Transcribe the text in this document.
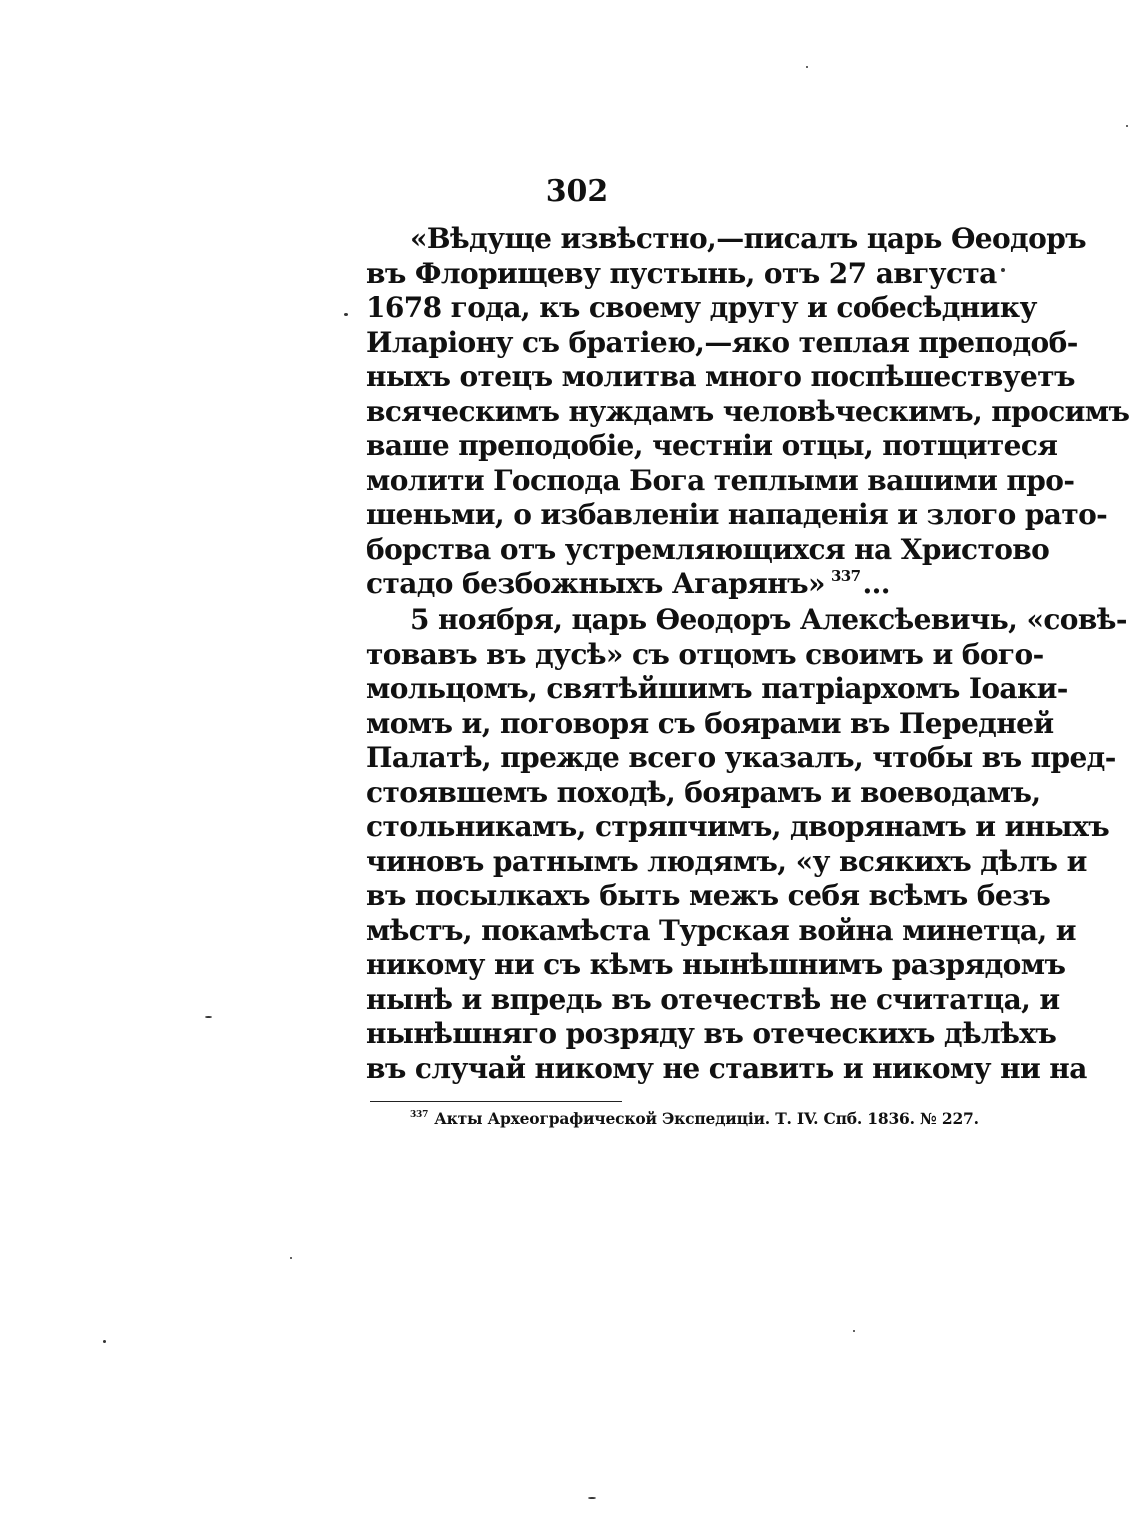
302
«Вѣдуще извѣстно,—писалъ царь Ѳеодоръ
въ Флорищеву пустынь, отъ 27 августа
1678 года, къ своему другу и собесѣднику
Иларіону съ братіею,—яко теплая преподоб-
ныхъ отецъ молитва много поспѣшествуетъ
всяческимъ нуждамъ человѣческимъ, просимъ
ваше преподобіе, честніи отцы, потщитеся
молити Господа Бога теплыми вашими про-
шеньми, о избавленіи нападенія и злого рато-
борства отъ устремляющихся на Христово
стадо безбожныхъ Агарянъ» $^{337}$...
5 ноября, царь Ѳеодоръ Алексѣевичь, «совѣ-
товавъ въ дусѣ» съ отцомъ своимъ и бого-
мольцомъ, святѣйшимъ патріархомъ Іоаки-
момъ и, поговоря съ боярами въ Передней
Палатѣ, прежде всего указалъ, чтобы въ пред-
стоявшемъ походѣ, боярамъ и воеводамъ,
стольникамъ, стряпчимъ, дворянамъ и иныхъ
чиновъ ратнымъ людямъ, «у всякихъ дѣлъ и
въ посылкахъ быть межъ себя всѣмъ безъ
мѣстъ, покамѣста Турская война минетца, и
никому ни съ кѣмъ нынѣшнимъ разрядомъ
нынѣ и впредь въ отечествѣ не считатца, и
нынѣшняго розряду въ отеческихъ дѣлѣхъ
въ случай никому не ставить и никому ни на
$^{337}$ Акты Археографической Экспедиціи. Т. IV. Спб. 1836. № 227.
